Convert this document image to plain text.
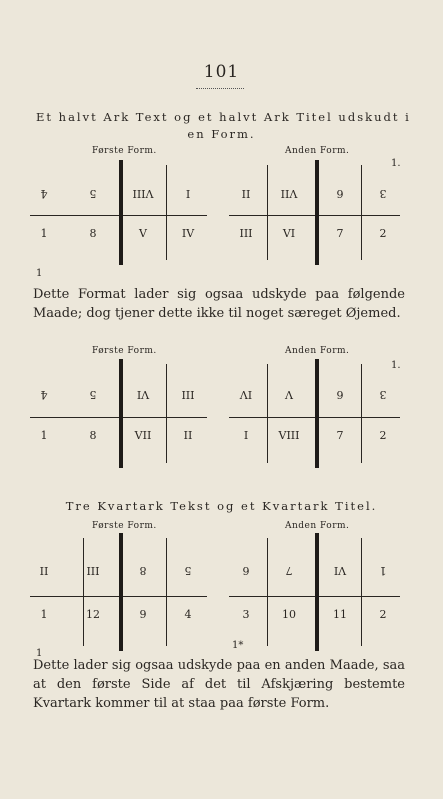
101
Et halvt Ark Text og et halvt Ark Titel udskudt i
en Form.
Første Form.	Anden Form.
1.
1
Dette Format lader sig ogsaa udskyde paa følgende Maade; dog tjener dette ikke til noget særeget Øjemed.
Første Form.	Anden Form.
1.
Tre Kvartark Tekst og et Kvartark Titel.
Første Form.	Anden Form.
1
1*
Dette lader sig ogsaa udskyde paa en anden Maade, saa at den første Side af det til Afskjæring bestemte Kvartark kommer til at staa paa første Form.
4	5	VIII	I	II	VII	6	3
1	8	V	IV	III	VI	7	2
4	5	VI	III	IV	V	6	3
1	8	VII	II	I	VIII	7	2
II	III	8	5	6	7	VI	1
1	12	9	4	3	10	11	2
